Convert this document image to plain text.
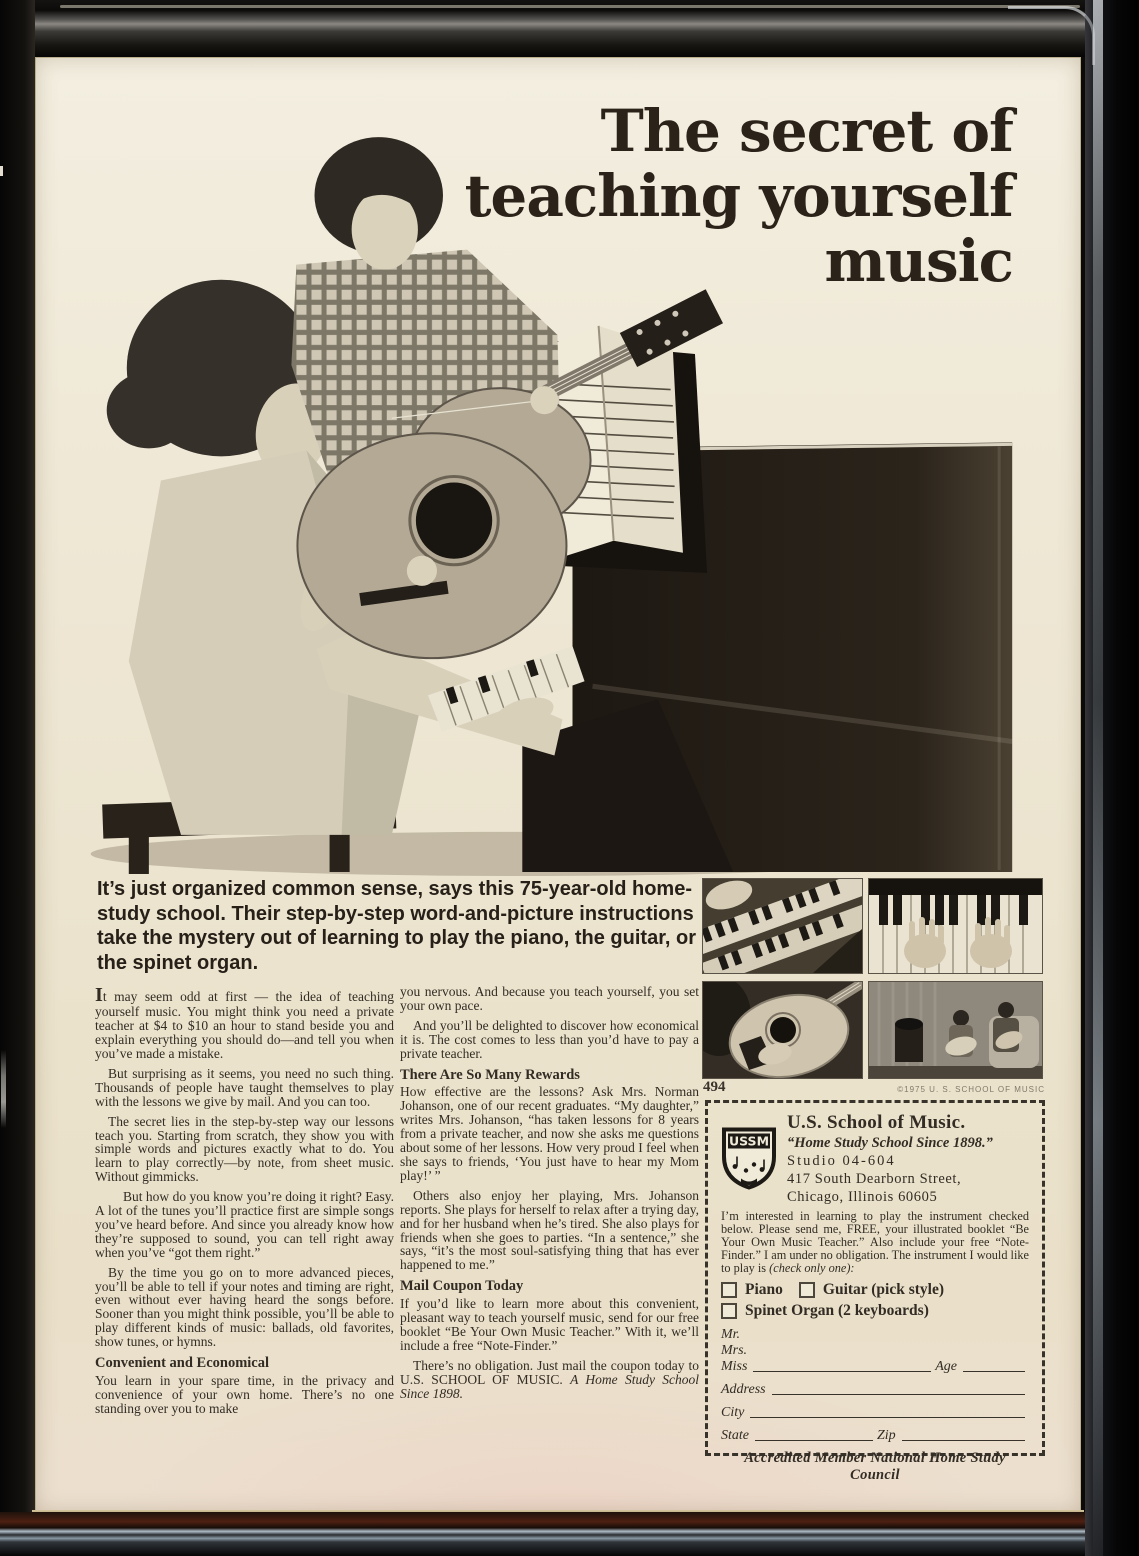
The secret of
teaching yourself
music
It’s just organized common sense, says this 75-year-old home-study school. Their step-by-step word-and-picture instructions take the mystery out of learning to play the piano, the guitar, or the spinet organ.
494	©1975 U. S. SCHOOL OF MUSIC

It may seem odd at first — the idea of teaching yourself music. You might think you need a private teacher at $4 to $10 an hour to stand beside you and explain everything you should do—and tell you when you’ve made a mistake.

But surprising as it seems, you need no such thing. Thousands of people have taught themselves to play with the lessons we give by mail. And you can too.

The secret lies in the step-by-step way our lessons teach you. Starting from scratch, they show you with simple words and pictures exactly what to do. You learn to play correctly—by note, from sheet music. Without gimmicks.

But how do you know you’re doing it right? Easy. A lot of the tunes you’ll practice first are simple songs you’ve heard before. And since you already know how they’re supposed to sound, you can tell right away when you’ve “got them right.”

By the time you go on to more advanced pieces, you’ll be able to tell if your notes and timing are right, even without ever having heard the songs before. Sooner than you might think possible, you’ll be able to play different kinds of music: ballads, old favorites, show tunes, or hymns.

Convenient and Economical

You learn in your spare time, in the privacy and convenience of your own home. There’s no one standing over you to make

you nervous. And because you teach yourself, you set your own pace.

And you’ll be delighted to discover how economical it is. The cost comes to less than you’d have to pay a private teacher.

There Are So Many Rewards

How effective are the lessons? Ask Mrs. Norman Johanson, one of our recent graduates. “My daughter,” writes Mrs. Johanson, “has taken lessons for 8 years from a private teacher, and now she asks me questions about some of her lessons. How very proud I feel when she says to friends, ‘You just have to hear my Mom play!’ ”

Others also enjoy her playing, Mrs. Johanson reports. She plays for herself to relax after a trying day, and for her husband when he’s tired. She also plays for friends when she goes to parties. “In a sentence,” she says, “it’s the most soul-satisfying thing that has ever happened to me.”

Mail Coupon Today

If you’d like to learn more about this convenient, pleasant way to teach yourself music, send for our free booklet “Be Your Own Music Teacher.” With it, we’ll include a free “Note-Finder.”

There’s no obligation. Just mail the coupon today to U.S. SCHOOL OF MUSIC. A Home Study School Since 1898.

USSM
U.S. School of Music.
“Home Study School Since 1898.”
Studio 04-604
417 South Dearborn Street,
Chicago, Illinois 60605
I’m interested in learning to play the instrument checked below. Please send me, FREE, your illustrated booklet “Be Your Own Music Teacher.” Also include your free “Note-Finder.” I am under no obligation. The instrument I would like to play is (check only one):
Piano	Guitar (pick style)
Spinet Organ (2 keyboards)
Mr.
Mrs.
Miss	Age
Address
City
State	Zip
Accredited Member National Home Study Council
